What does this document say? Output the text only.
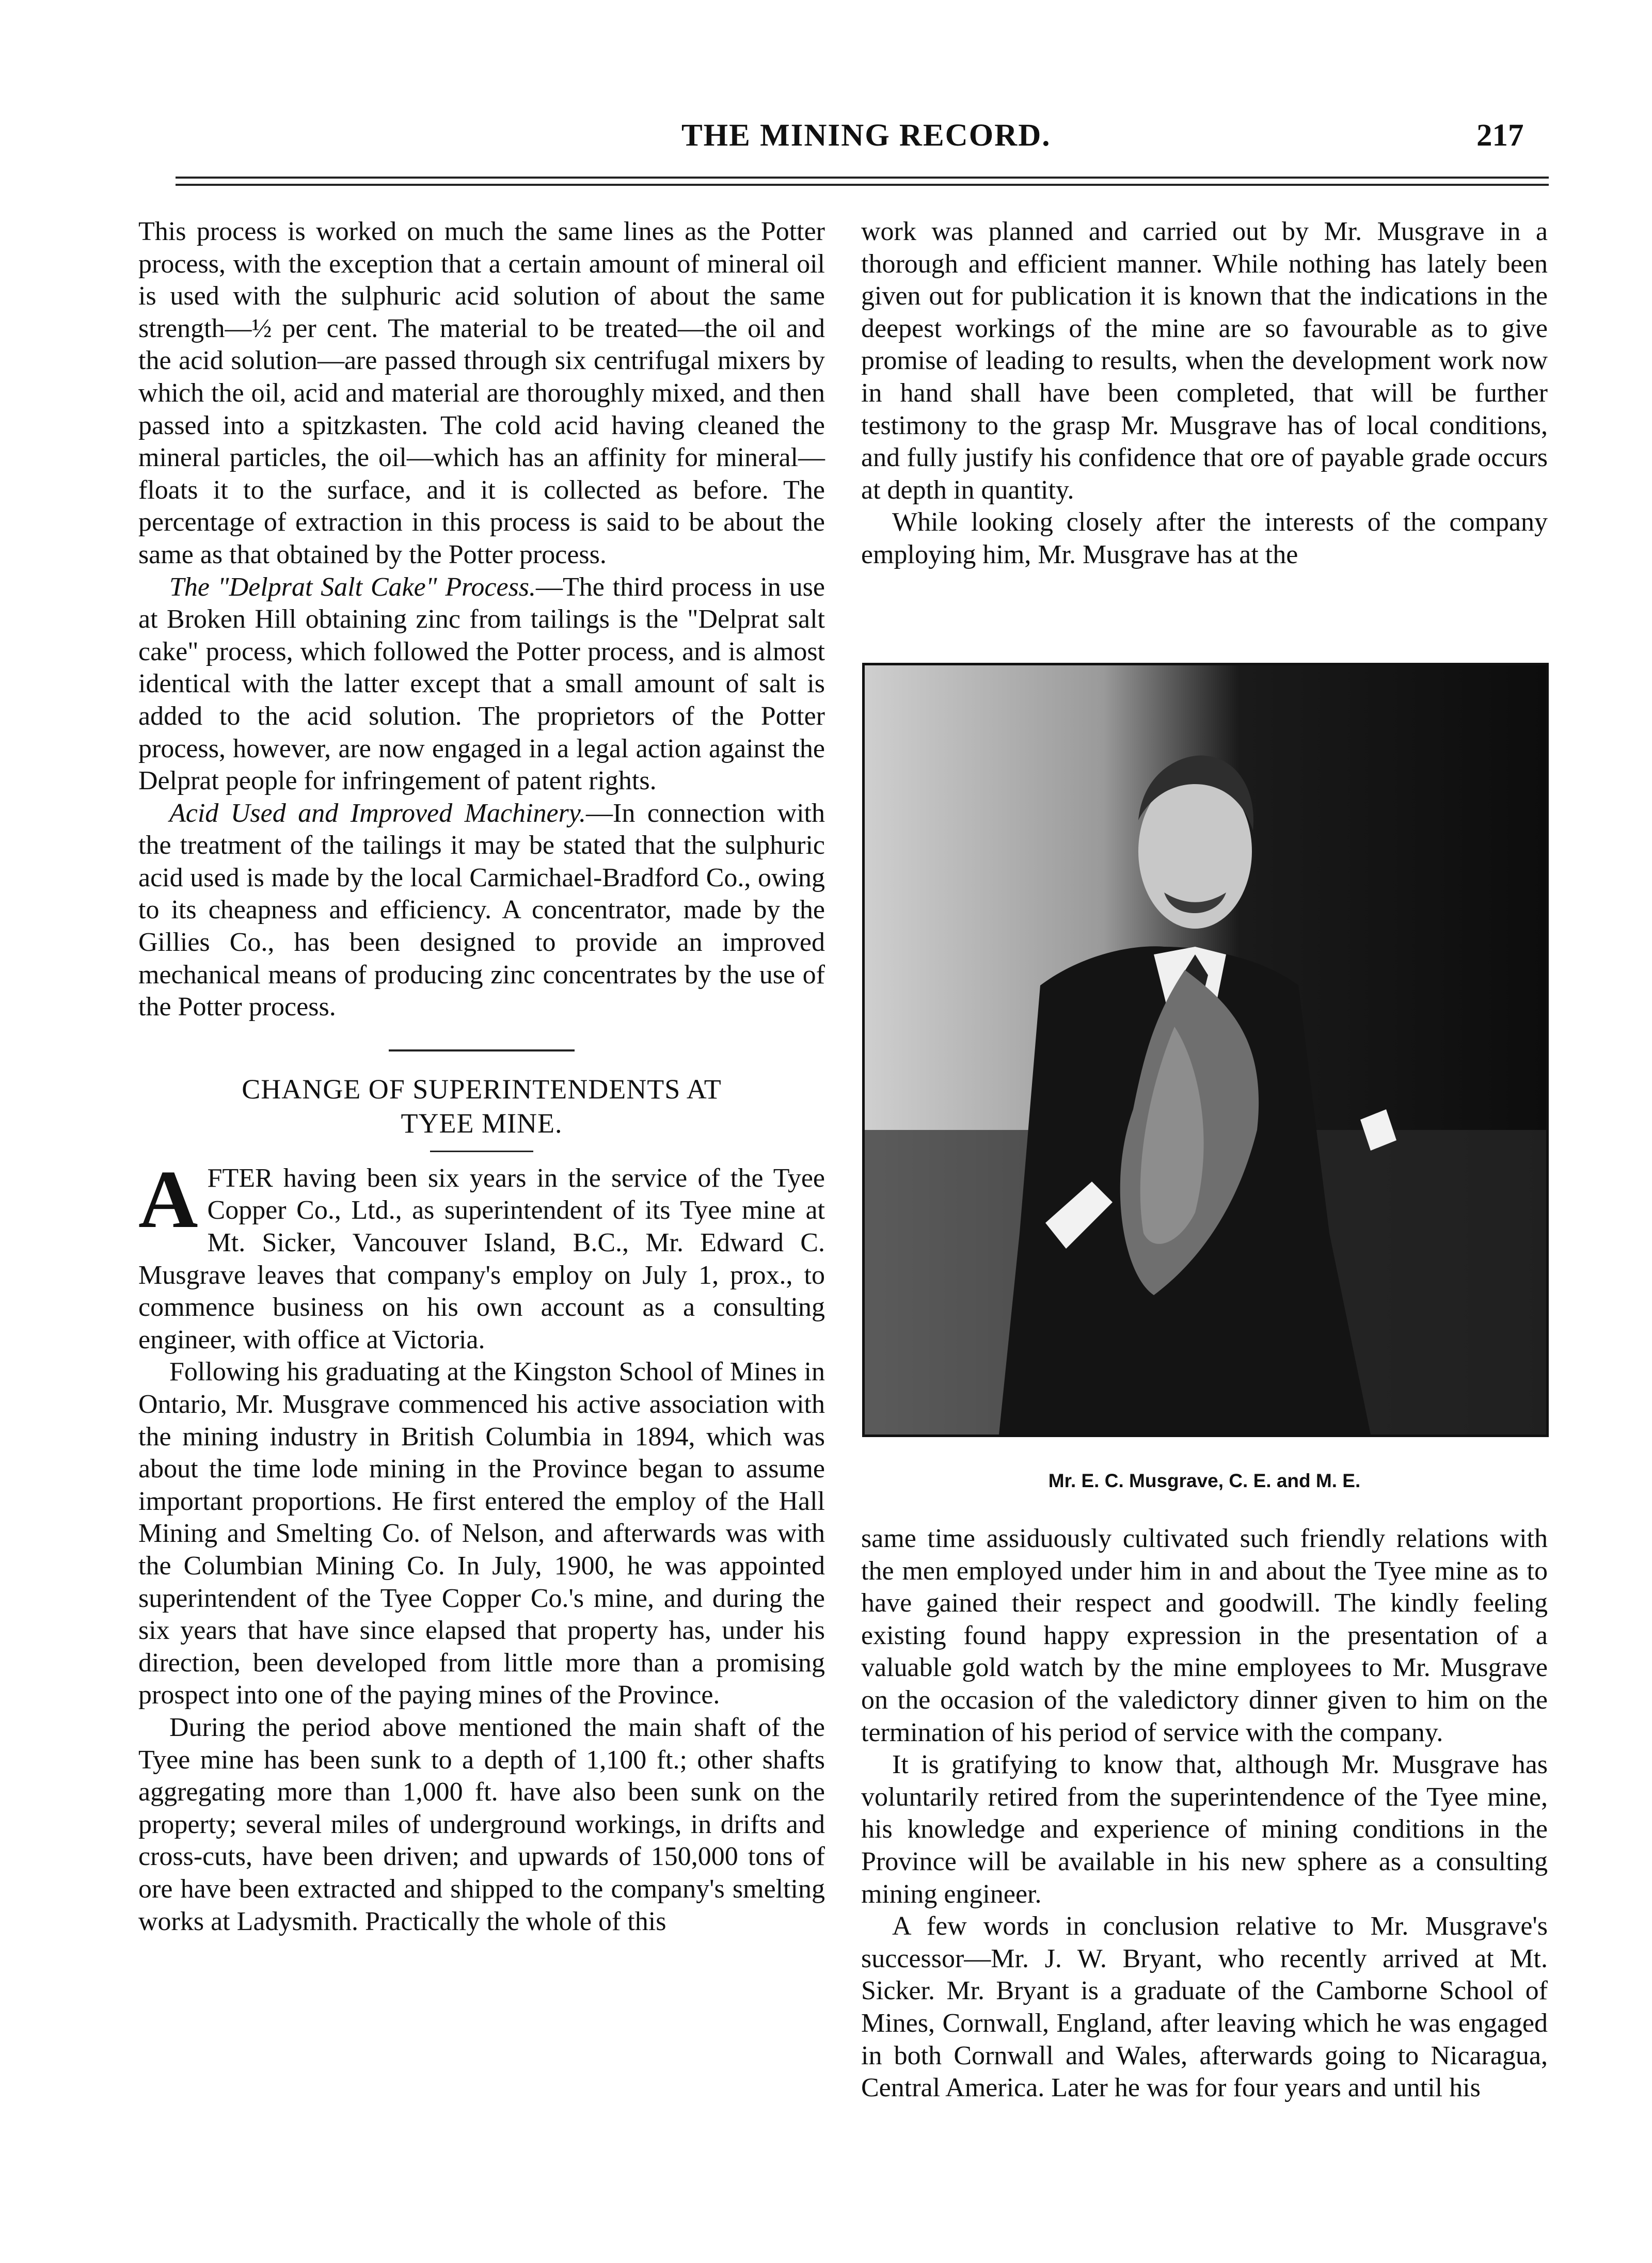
THE MINING RECORD.	217

This process is worked on much the same lines as the Potter process, with the exception that a certain amount of mineral oil is used with the sulphuric acid solution of about the same strength—½ per cent. The material to be treated—the oil and the acid solution—are passed through six centrifugal mixers by which the oil, acid and material are thoroughly mixed, and then passed into a spitzkasten. The cold acid having cleaned the mineral particles, the oil—which has an affinity for mineral—floats it to the surface, and it is collected as before. The percentage of extraction in this process is said to be about the same as that obtained by the Potter process.

The "Delprat Salt Cake" Process.—The third process in use at Broken Hill obtaining zinc from tailings is the "Delprat salt cake" process, which followed the Potter process, and is almost identical with the latter except that a small amount of salt is added to the acid solution. The proprietors of the Potter process, however, are now engaged in a legal action against the Delprat people for infringement of patent rights.

Acid Used and Improved Machinery.—In connection with the treatment of the tailings it may be stated that the sulphuric acid used is made by the local Carmichael-Bradford Co., owing to its cheapness and efficiency. A concentrator, made by the Gillies Co., has been designed to provide an improved mechanical means of producing zinc concentrates by the use of the Potter process.

CHANGE OF SUPERINTENDENTS AT
TYEE MINE.

AFTER having been six years in the service of the Tyee Copper Co., Ltd., as superintendent of its Tyee mine at Mt. Sicker, Vancouver Island, B.C., Mr. Edward C. Musgrave leaves that company's employ on July 1, prox., to commence business on his own account as a consulting engineer, with office at Victoria.

Following his graduating at the Kingston School of Mines in Ontario, Mr. Musgrave commenced his active association with the mining industry in British Columbia in 1894, which was about the time lode mining in the Province began to assume important proportions. He first entered the employ of the Hall Mining and Smelting Co. of Nelson, and afterwards was with the Columbian Mining Co. In July, 1900, he was appointed superintendent of the Tyee Copper Co.'s mine, and during the six years that have since elapsed that property has, under his direction, been developed from little more than a promising prospect into one of the paying mines of the Province.

During the period above mentioned the main shaft of the Tyee mine has been sunk to a depth of 1,100 ft.; other shafts aggregating more than 1,000 ft. have also been sunk on the property; several miles of underground workings, in drifts and cross-cuts, have been driven; and upwards of 150,000 tons of ore have been extracted and shipped to the company's smelting works at Ladysmith. Practically the whole of this

work was planned and carried out by Mr. Musgrave in a thorough and efficient manner. While nothing has lately been given out for publication it is known that the indications in the deepest workings of the mine are so favourable as to give promise of leading to results, when the development work now in hand shall have been completed, that will be further testimony to the grasp Mr. Musgrave has of local conditions, and fully justify his confidence that ore of payable grade occurs at depth in quantity.

While looking closely after the interests of the company employing him, Mr. Musgrave has at the

Mr. E. C. Musgrave, C. E. and M. E.

same time assiduously cultivated such friendly relations with the men employed under him in and about the Tyee mine as to have gained their respect and goodwill. The kindly feeling existing found happy expression in the presentation of a valuable gold watch by the mine employees to Mr. Musgrave on the occasion of the valedictory dinner given to him on the termination of his period of service with the company.

It is gratifying to know that, although Mr. Musgrave has voluntarily retired from the superintendence of the Tyee mine, his knowledge and experience of mining conditions in the Province will be available in his new sphere as a consulting mining engineer.

A few words in conclusion relative to Mr. Musgrave's successor—Mr. J. W. Bryant, who recently arrived at Mt. Sicker. Mr. Bryant is a graduate of the Camborne School of Mines, Cornwall, England, after leaving which he was engaged in both Cornwall and Wales, afterwards going to Nicaragua, Central America. Later he was for four years and until his
